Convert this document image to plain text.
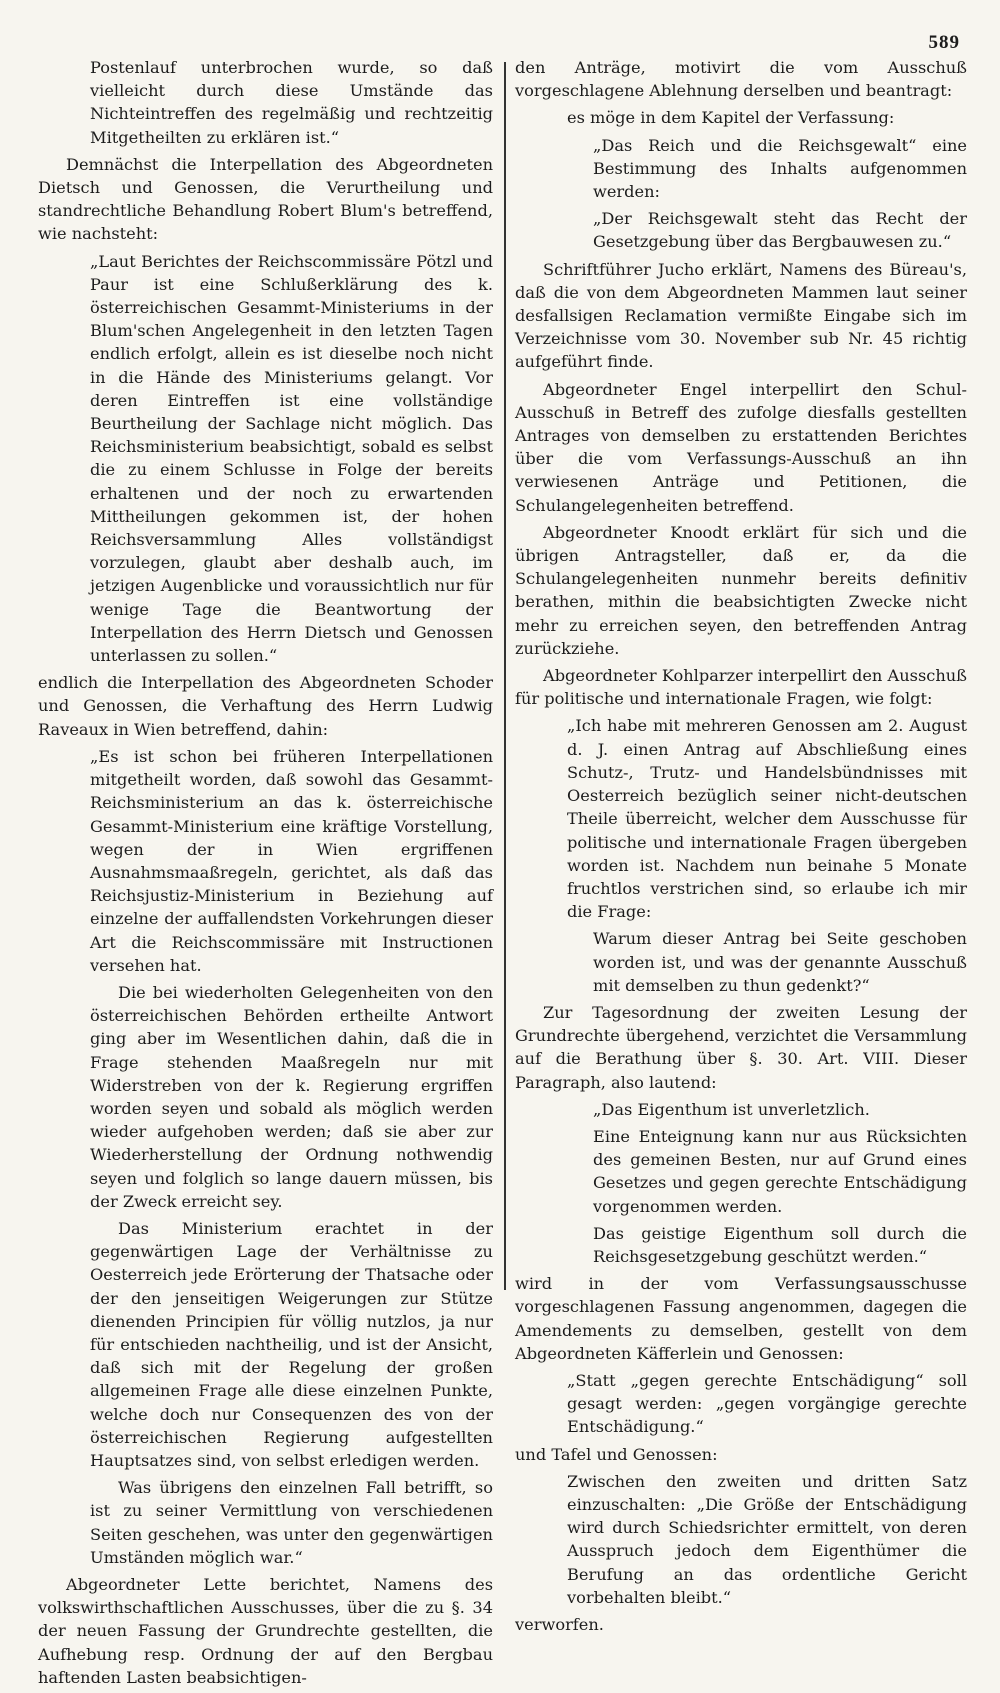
589

Postenlauf unterbrochen wurde, so daß vielleicht durch diese Umstände das Nichteintreffen des regelmäßig und rechtzeitig Mitgetheilten zu erklären ist.“

Demnächst die Interpellation des Abgeordneten Dietsch und Genossen, die Verurtheilung und standrechtliche Behandlung Robert Blum's betreffend, wie nachsteht:

„Laut Berichtes der Reichscommissäre Pötzl und Paur ist eine Schlußerklärung des k. österreichischen Gesammt-Ministeriums in der Blum'schen Angelegenheit in den letzten Tagen endlich erfolgt, allein es ist dieselbe noch nicht in die Hände des Ministeriums gelangt. Vor deren Eintreffen ist eine vollständige Beurtheilung der Sachlage nicht möglich. Das Reichsministerium beabsichtigt, sobald es selbst die zu einem Schlusse in Folge der bereits erhaltenen und der noch zu erwartenden Mittheilungen gekommen ist, der hohen Reichsversammlung Alles vollständigst vorzulegen, glaubt aber deshalb auch, im jetzigen Augenblicke und voraussichtlich nur für wenige Tage die Beantwortung der Interpellation des Herrn Dietsch und Genossen unterlassen zu sollen.“

endlich die Interpellation des Abgeordneten Schoder und Genossen, die Verhaftung des Herrn Ludwig Raveaux in Wien betreffend, dahin:

„Es ist schon bei früheren Interpellationen mitgetheilt worden, daß sowohl das Gesammt-Reichsministerium an das k. österreichische Gesammt-Ministerium eine kräftige Vorstellung, wegen der in Wien ergriffenen Ausnahmsmaaßregeln, gerichtet, als daß das Reichsjustiz-Ministerium in Beziehung auf einzelne der auffallendsten Vorkehrungen dieser Art die Reichscommissäre mit Instructionen versehen hat.

Die bei wiederholten Gelegenheiten von den österreichischen Behörden ertheilte Antwort ging aber im Wesentlichen dahin, daß die in Frage stehenden Maaßregeln nur mit Widerstreben von der k. Regierung ergriffen worden seyen und sobald als möglich werden wieder aufgehoben werden; daß sie aber zur Wiederherstellung der Ordnung nothwendig seyen und folglich so lange dauern müssen, bis der Zweck erreicht sey.

Das Ministerium erachtet in der gegenwärtigen Lage der Verhältnisse zu Oesterreich jede Erörterung der Thatsache oder der den jenseitigen Weigerungen zur Stütze dienenden Principien für völlig nutzlos, ja nur für entschieden nachtheilig, und ist der Ansicht, daß sich mit der Regelung der großen allgemeinen Frage alle diese einzelnen Punkte, welche doch nur Consequenzen des von der österreichischen Regierung aufgestellten Hauptsatzes sind, von selbst erledigen werden.

Was übrigens den einzelnen Fall betrifft, so ist zu seiner Vermittlung von verschiedenen Seiten geschehen, was unter den gegenwärtigen Umständen möglich war.“

Abgeordneter Lette berichtet, Namens des volkswirthschaftlichen Ausschusses, über die zu §. 34 der neuen Fassung der Grundrechte gestellten, die Aufhebung resp. Ordnung der auf den Bergbau haftenden Lasten beabsichtigen-

den Anträge, motivirt die vom Ausschuß vorgeschlagene Ablehnung derselben und beantragt:

es möge in dem Kapitel der Verfassung:

„Das Reich und die Reichsgewalt“ eine Bestimmung des Inhalts aufgenommen werden:

„Der Reichsgewalt steht das Recht der Gesetzgebung über das Bergbauwesen zu.“

Schriftführer Jucho erklärt, Namens des Büreau's, daß die von dem Abgeordneten Mammen laut seiner desfallsigen Reclamation vermißte Eingabe sich im Verzeichnisse vom 30. November sub Nr. 45 richtig aufgeführt finde.

Abgeordneter Engel interpellirt den Schul-Ausschuß in Betreff des zufolge diesfalls gestellten Antrages von demselben zu erstattenden Berichtes über die vom Verfassungs-Ausschuß an ihn verwiesenen Anträge und Petitionen, die Schulangelegenheiten betreffend.

Abgeordneter Knoodt erklärt für sich und die übrigen Antragsteller, daß er, da die Schulangelegenheiten nunmehr bereits definitiv berathen, mithin die beabsichtigten Zwecke nicht mehr zu erreichen seyen, den betreffenden Antrag zurückziehe.

Abgeordneter Kohlparzer interpellirt den Ausschuß für politische und internationale Fragen, wie folgt:

„Ich habe mit mehreren Genossen am 2. August d. J. einen Antrag auf Abschließung eines Schutz-, Trutz- und Handelsbündnisses mit Oesterreich bezüglich seiner nicht-deutschen Theile überreicht, welcher dem Ausschusse für politische und internationale Fragen übergeben worden ist. Nachdem nun beinahe 5 Monate fruchtlos verstrichen sind, so erlaube ich mir die Frage:

Warum dieser Antrag bei Seite geschoben worden ist, und was der genannte Ausschuß mit demselben zu thun gedenkt?“

Zur Tagesordnung der zweiten Lesung der Grundrechte übergehend, verzichtet die Versammlung auf die Berathung über §. 30. Art. VIII. Dieser Paragraph, also lautend:

„Das Eigenthum ist unverletzlich.

Eine Enteignung kann nur aus Rücksichten des gemeinen Besten, nur auf Grund eines Gesetzes und gegen gerechte Entschädigung vorgenommen werden.

Das geistige Eigenthum soll durch die Reichsgesetzgebung geschützt werden.“

wird in der vom Verfassungsausschusse vorgeschlagenen Fassung angenommen, dagegen die Amendements zu demselben, gestellt von dem Abgeordneten Käfferlein und Genossen:

„Statt „gegen gerechte Entschädigung“ soll gesagt werden: „gegen vorgängige gerechte Entschädigung.“

und Tafel und Genossen:

Zwischen den zweiten und dritten Satz einzuschalten: „Die Größe der Entschädigung wird durch Schiedsrichter ermittelt, von deren Ausspruch jedoch dem Eigenthümer die Berufung an das ordentliche Gericht vorbehalten bleibt.“

verworfen.
